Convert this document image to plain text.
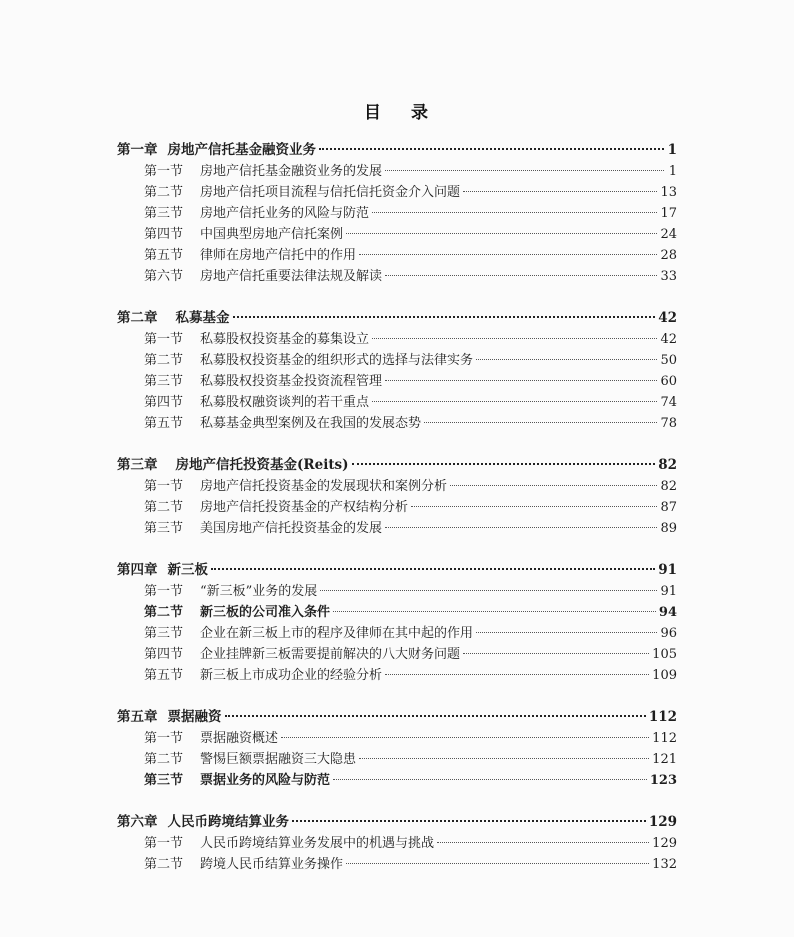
目 录
第一章 房地产信托基金融资业务	1
第一节 房地产信托基金融资业务的发展	1
第二节 房地产信托项目流程与信托信托资金介入问题	13
第三节 房地产信托业务的风险与防范	17
第四节 中国典型房地产信托案例	24
第五节 律师在房地产信托中的作用	28
第六节 房地产信托重要法律法规及解读	33
第二章 私募基金	42
第一节 私募股权投资基金的募集设立	42
第二节 私募股权投资基金的组织形式的选择与法律实务	50
第三节 私募股权投资基金投资流程管理	60
第四节 私募股权融资谈判的若干重点	74
第五节 私募基金典型案例及在我国的发展态势	78
第三章 房地产信托投资基金(Reits)	82
第一节 房地产信托投资基金的发展现状和案例分析	82
第二节 房地产信托投资基金的产权结构分析	87
第三节 美国房地产信托投资基金的发展	89
第四章 新三板	91
第一节 “新三板”业务的发展	91
第二节 新三板的公司准入条件	94
第三节 企业在新三板上市的程序及律师在其中起的作用	96
第四节 企业挂牌新三板需要提前解决的八大财务问题	105
第五节 新三板上市成功企业的经验分析	109
第五章 票据融资	112
第一节 票据融资概述	112
第二节 警惕巨额票据融资三大隐患	121
第三节 票据业务的风险与防范	123
第六章 人民币跨境结算业务	129
第一节 人民币跨境结算业务发展中的机遇与挑战	129
第二节 跨境人民币结算业务操作	132
